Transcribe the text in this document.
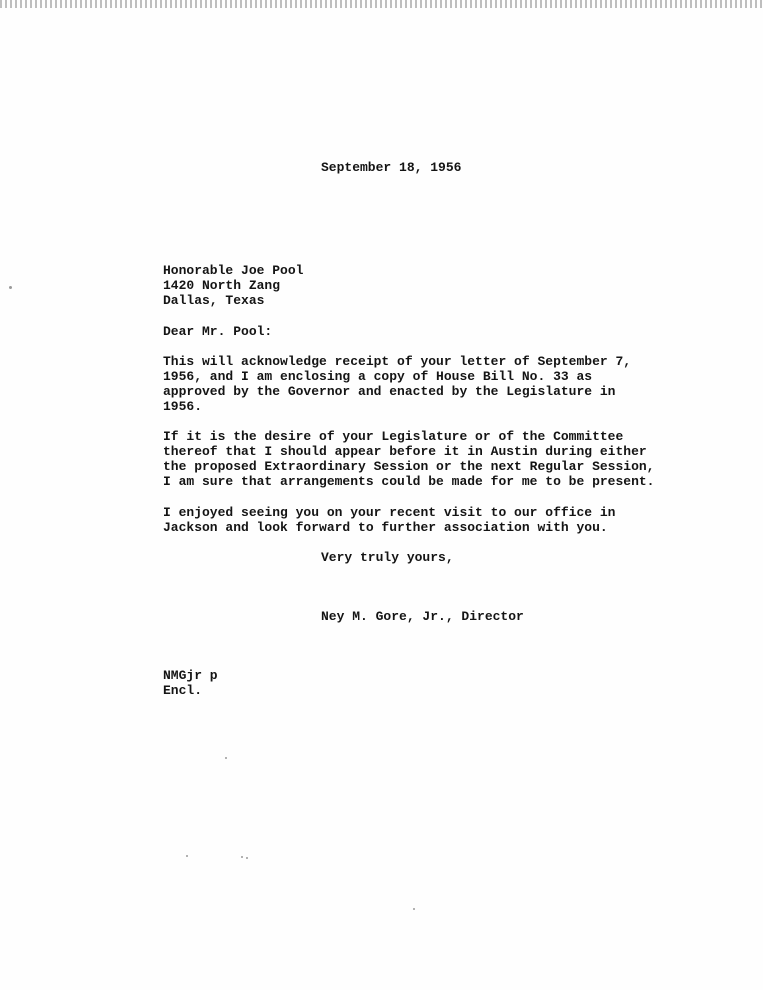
September 18, 1956
Honorable Joe Pool
1420 North Zang
Dallas, Texas
Dear Mr. Pool:
This will acknowledge receipt of your letter of September 7,
1956, and I am enclosing a copy of House Bill No. 33 as
approved by the Governor and enacted by the Legislature in
1956.
If it is the desire of your Legislature or of the Committee
thereof that I should appear before it in Austin during either
the proposed Extraordinary Session or the next Regular Session,
I am sure that arrangements could be made for me to be present.
I enjoyed seeing you on your recent visit to our office in
Jackson and look forward to further association with you.
Very truly yours,
Ney M. Gore, Jr., Director
NMGjr p
Encl.
